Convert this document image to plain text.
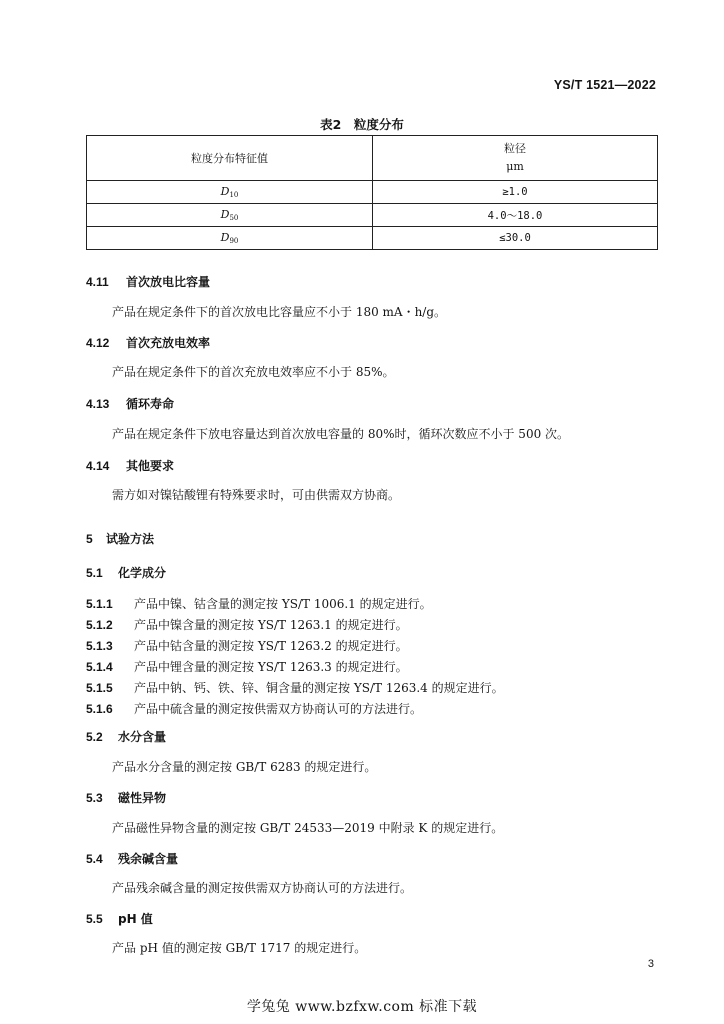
YS/T 1521—2022
表2　粒度分布
粒度分布特征值	粒径
μm

$D_{10}$	≥1.0
$D_{50}$	4.0～18.0
$D_{90}$	≤30.0
4.11 首次放电比容量
产品在规定条件下的首次放电比容量应不小于 180 mA・h/g。
4.12 首次充放电效率
产品在规定条件下的首次充放电效率应不小于 85%。
4.13 循环寿命
产品在规定条件下放电容量达到首次放电容量的 80%时，循环次数应不小于 500 次。
4.14 其他要求
需方如对镍钴酸锂有特殊要求时，可由供需双方协商。
5 试验方法
5.1 化学成分
5.1.1 产品中镍、钴含量的测定按 YS/T 1006.1 的规定进行。
5.1.2 产品中镍含量的测定按 YS/T 1263.1 的规定进行。
5.1.3 产品中钴含量的测定按 YS/T 1263.2 的规定进行。
5.1.4 产品中锂含量的测定按 YS/T 1263.3 的规定进行。
5.1.5 产品中钠、钙、铁、锌、铜含量的测定按 YS/T 1263.4 的规定进行。
5.1.6 产品中硫含量的测定按供需双方协商认可的方法进行。
5.2 水分含量
产品水分含量的测定按 GB/T 6283 的规定进行。
5.3 磁性异物
产品磁性异物含量的测定按 GB/T 24533—2019 中附录 K 的规定进行。
5.4 残余碱含量
产品残余碱含量的测定按供需双方协商认可的方法进行。
5.5 pH 值
产品 pH 值的测定按 GB/T 1717 的规定进行。
3
学兔兔 www.bzfxw.com 标准下载
